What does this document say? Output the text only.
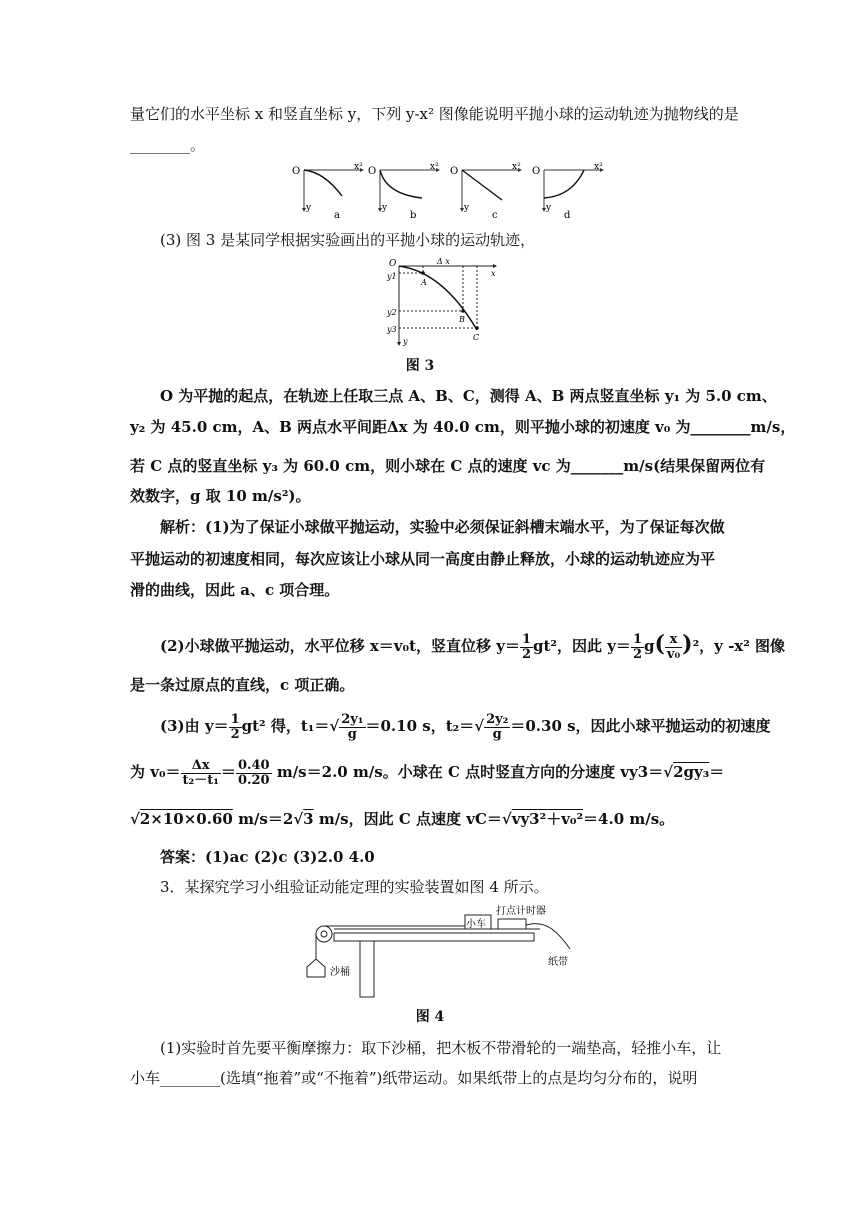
量它们的水平坐标 x 和竖直坐标 y，下列 y-x² 图像能说明平抛小球的运动轨迹为抛物线的是
________。
O	x²
y
a
O	x²
y
b
O	x²
y
c
O	x²
y
d
(3) 图 3 是某同学根据实验画出的平抛小球的运动轨迹，
O	Δ x
x
y
y1
y2
y3
A
B
C
图 3
O 为平抛的起点，在轨迹上任取三点 A、B、C，测得 A、B 两点竖直坐标 y₁ 为 5.0 cm、
y₂ 为 45.0 cm，A、B 两点水平间距Δx 为 40.0 cm，则平抛小球的初速度 v₀ 为________m/s，
若 C 点的竖直坐标 y₃ 为 60.0 cm，则小球在 C 点的速度 vc 为_______m/s(结果保留两位有
效数字，g 取 10 m/s²)。
解析：(1)为了保证小球做平抛运动，实验中必须保证斜槽末端水平，为了保证每次做
平抛运动的初速度相同，每次应该让小球从同一高度由静止释放，小球的运动轨迹应为平
滑的曲线，因此 a、c 项合理。
(2)小球做平抛运动，水平位移 x＝v₀t，竖直位移 $y= \frac{1}{2} gt^2$，因此 $y= \frac{1}{2} g( \frac{x}{\text{v₀}} )^2$，y -x² 图像
是一条过原点的直线，c 项正确。
(3)由 $y= \frac{1}{2} gt^2$ 得，$t_1=√ \frac{\text{2y₁}}{g} =0.10$ s，$t_2=√ \frac{\text{2y₂}}{g} =0.30$ s，因此小球平抛运动的初速度
为 $v_0= \frac{\Delta x}{\text{t₂－t₁}} = \frac{0.40}{0.20} m/s=2.0$ m/s。小球在 C 点时竖直方向的分速度 vy3＝√2gy₃＝
√2×10×0.60 m/s＝2√3 m/s，因此 C 点速度 vC＝√vy3²＋v₀²＝4.0 m/s。
答案：(1)ac (2)c (3)2.0 4.0
3．某探究学习小组验证动能定理的实验装置如图 4 所示。
小车
打点计时器
纸带
沙桶
图 4
(1)实验时首先要平衡摩擦力：取下沙桶，把木板不带滑轮的一端垫高，轻推小车，让
小车________(选填“拖着”或“不拖着”)纸带运动。如果纸带上的点是均匀分布的，说明
